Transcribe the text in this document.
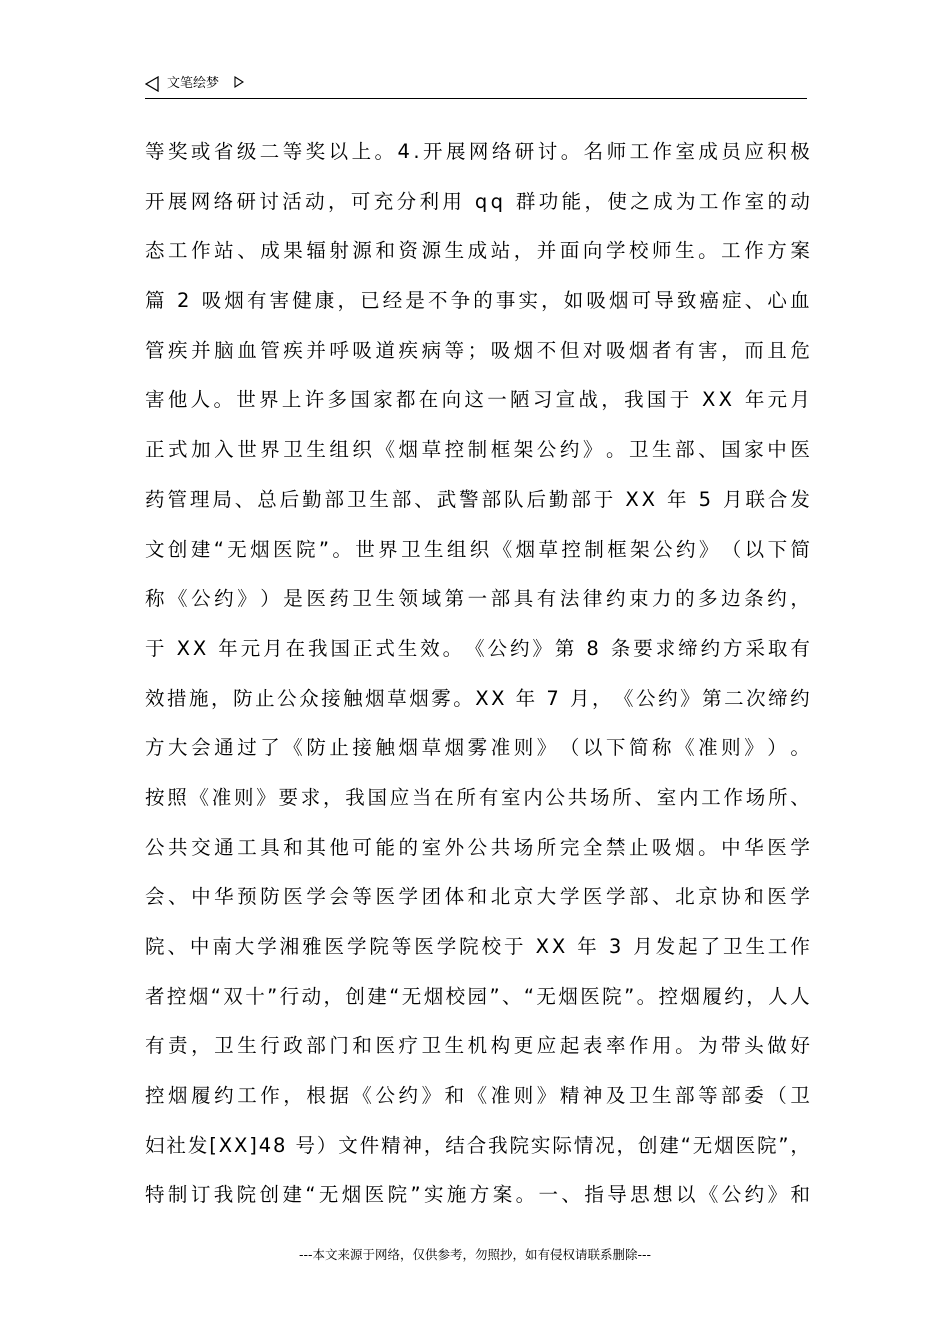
文笔绘梦
等 奖 或 省 级 二 等 奖 以 上 。 4 . 开 展 网 络 研 讨 。 名 师 工 作 室 成 员 应 积 极
开 展 网 络 研 讨 活 动 ， 可 充 分 利 用
q q
群 功 能 ， 使 之 成 为 工 作 室 的 动
态 工 作 站 、 成 果 辐 射 源 和 资 源 生 成 站 ， 并 面 向 学 校 师 生 。 工 作 方 案
篇
2
吸 烟 有 害 健 康 ， 已 经 是 不 争 的 事 实 ， 如 吸 烟 可 导 致 癌 症 、 心 血
管 疾 并 脑 血 管 疾 并 呼 吸 道 疾 病 等 ； 吸 烟 不 但 对 吸 烟 者 有 害 ， 而 且 危
害 他 人 。 世 界 上 许 多 国 家 都 在 向 这 一 陋 习 宣 战 ， 我 国 于
X X
年 元 月
正 式 加 入 世 界 卫 生 组 织 《 烟 草 控 制 框 架 公 约 》 。 卫 生 部 、 国 家 中 医
药 管 理 局 、 总 后 勤 部 卫 生 部 、 武 警 部 队 后 勤 部 于
X X
年
5
月 联 合 发
文 创 建 “ 无 烟 医 院 ” 。 世 界 卫 生 组 织 《 烟 草 控 制 框 架 公 约 》 （ 以 下 简
称 《 公 约 》 ） 是 医 药 卫 生 领 域 第 一 部 具 有 法 律 约 束 力 的 多 边 条 约 ，
于
X X
年 元 月 在 我 国 正 式 生 效 。 《 公 约 》 第
8
条 要 求 缔 约 方 采 取 有
效 措 施 ， 防 止 公 众 接 触 烟 草 烟 雾 。 X X
年
7
月 ， 《 公 约 》 第 二 次 缔 约
方 大 会 通 过 了 《 防 止 接 触 烟 草 烟 雾 准 则 》 （ 以 下 简 称 《 准 则 》 ） 。
按 照 《 准 则 》 要 求 ， 我 国 应 当 在 所 有 室 内 公 共 场 所 、 室 内 工 作 场 所 、
公 共 交 通 工 具 和 其 他 可 能 的 室 外 公 共 场 所 完 全 禁 止 吸 烟 。 中 华 医 学
会 、 中 华 预 防 医 学 会 等 医 学 团 体 和 北 京 大 学 医 学 部 、 北 京 协 和 医 学
院 、 中 南 大 学 湘 雅 医 学 院 等 医 学 院 校 于
X X
年
3
月 发 起 了 卫 生 工 作
者 控 烟 “ 双 十 ” 行 动 ， 创 建 “ 无 烟 校 园 ” 、 “ 无 烟 医 院 ” 。 控 烟 履 约 ， 人 人
有 责 ， 卫 生 行 政 部 门 和 医 疗 卫 生 机 构 更 应 起 表 率 作 用 。 为 带 头 做 好
控 烟 履 约 工 作 ， 根 据 《 公 约 》 和 《 准 则 》 精 神 及 卫 生 部 等 部 委 （ 卫
妇 社 发 [ X X ] 4 8
号 ） 文 件 精 神 ， 结 合 我 院 实 际 情 况 ， 创 建 “ 无 烟 医 院 ” ，
特 制 订 我 院 创 建 “ 无 烟 医 院 ” 实 施 方 案 。 一 、 指 导 思 想 以 《 公 约 》 和
---本文来源于网络，仅供参考，勿照抄，如有侵权请联系删除---
